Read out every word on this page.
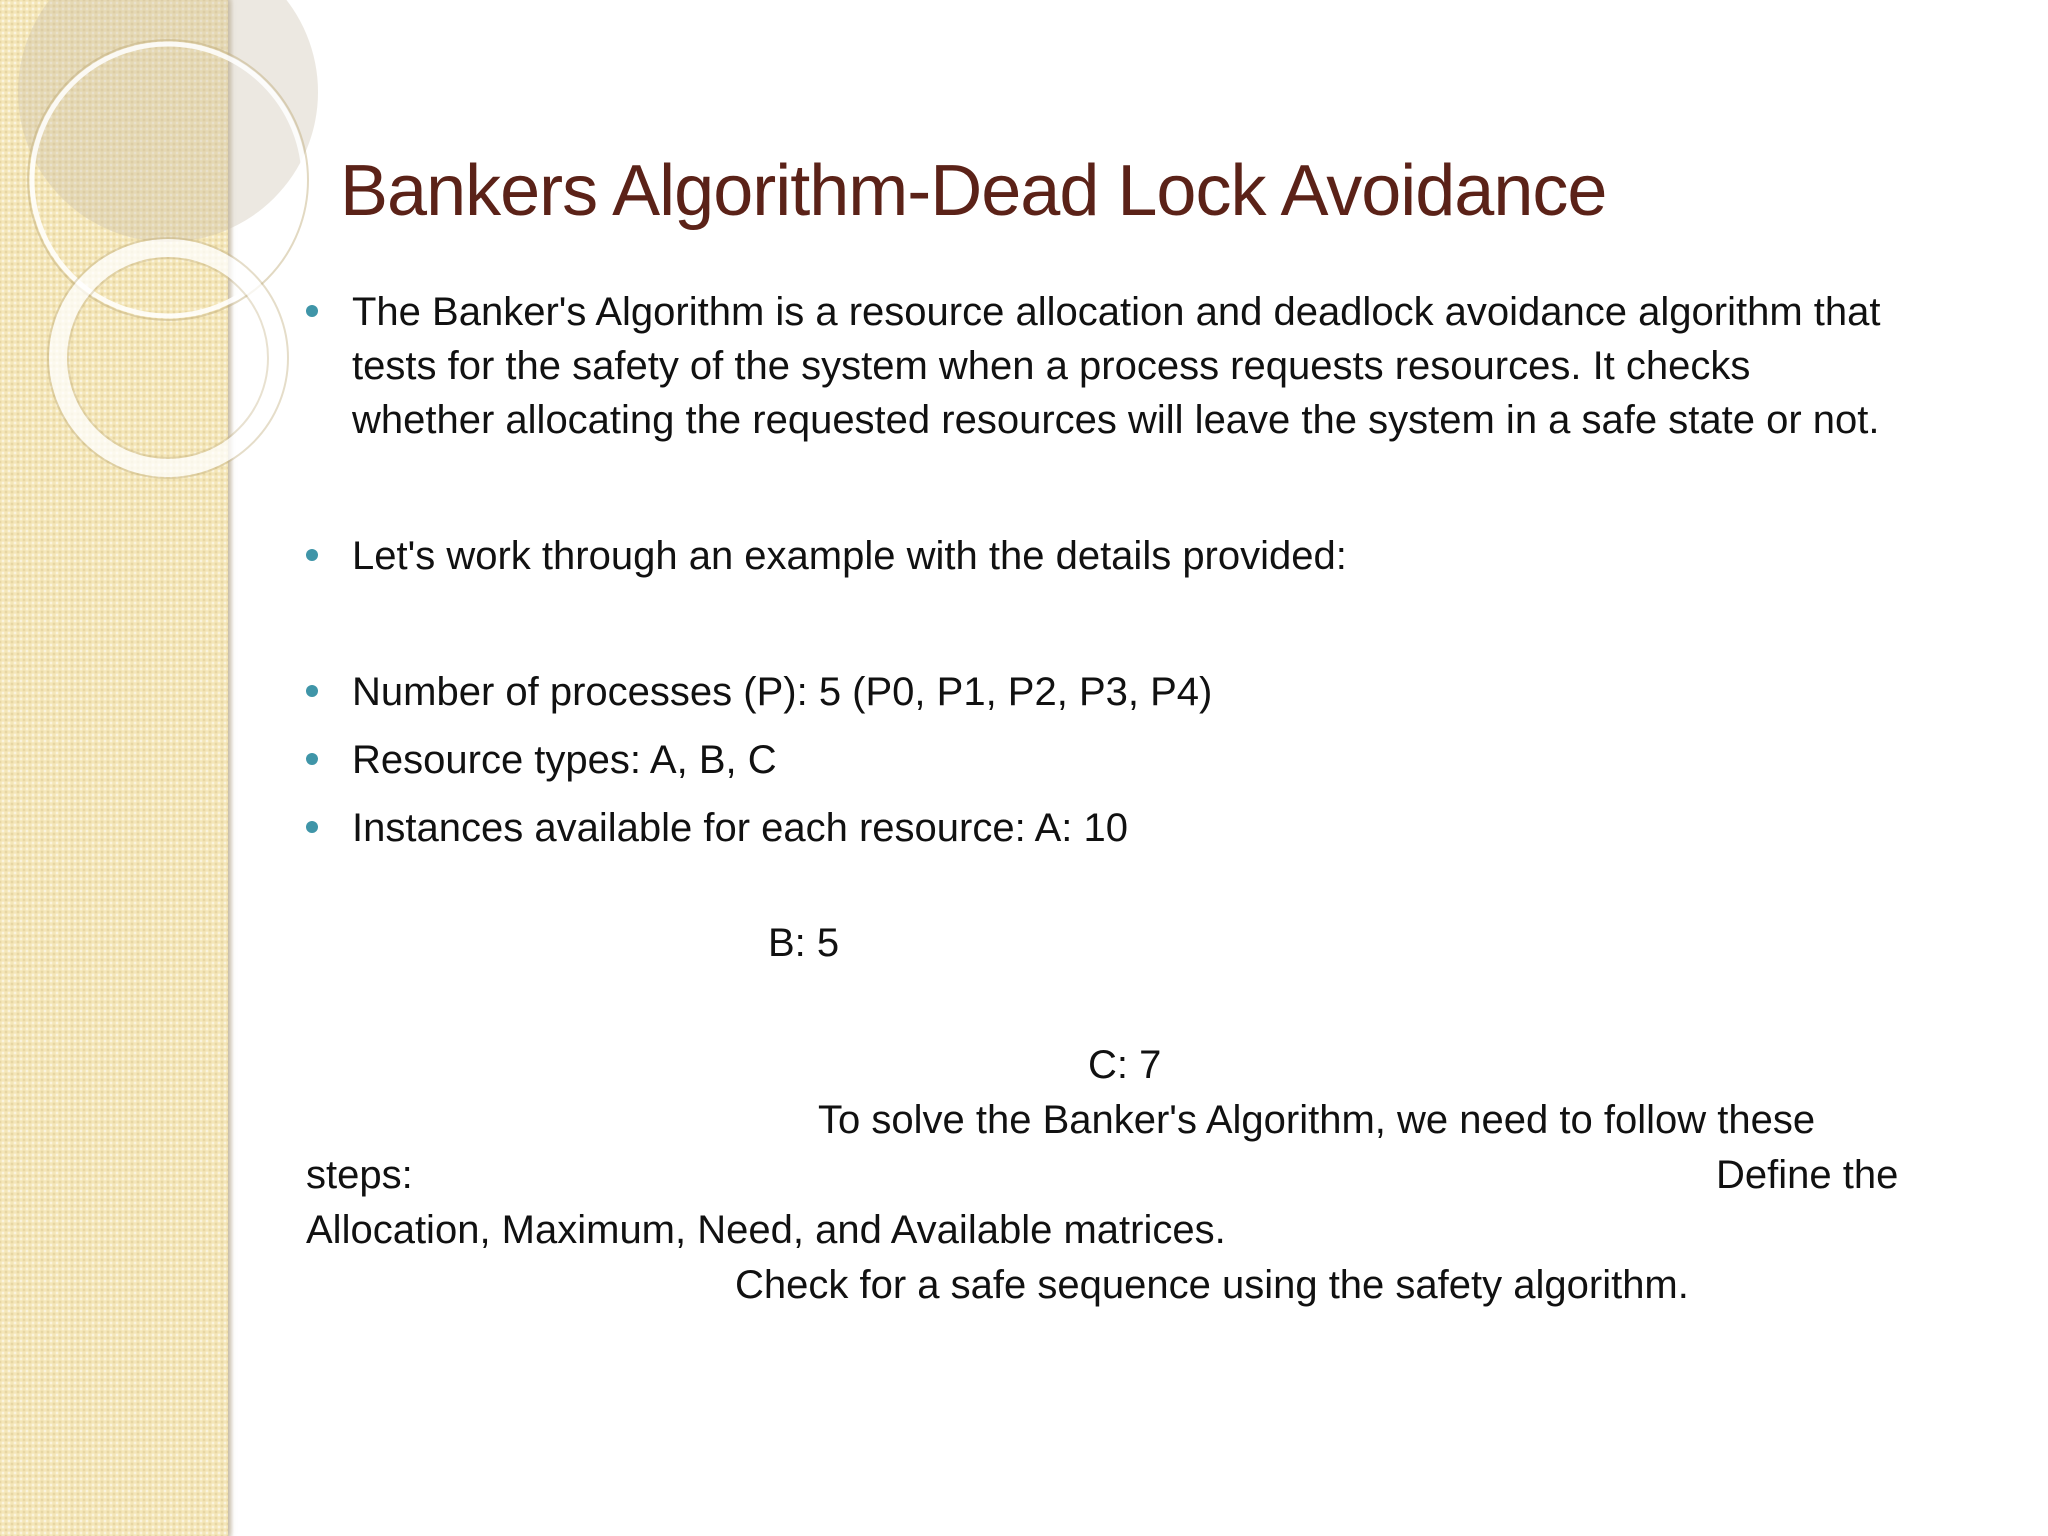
Bankers Algorithm-Dead Lock Avoidance
The Banker's Algorithm is a resource allocation and deadlock avoidance algorithm that tests for the safety of the system when a process requests resources. It checks whether allocating the requested resources will leave the system in a safe state or not.
Let's work through an example with the details provided:
Number of processes (P): 5 (P0, P1, P2, P3, P4)
Resource types: A, B, C
Instances available for each resource: A: 10

B: 5

C: 7

To solve the Banker's Algorithm, we need to follow these

steps:	Define the

Allocation, Maximum, Need, and Available matrices.

Check for a safe sequence using the safety algorithm.
